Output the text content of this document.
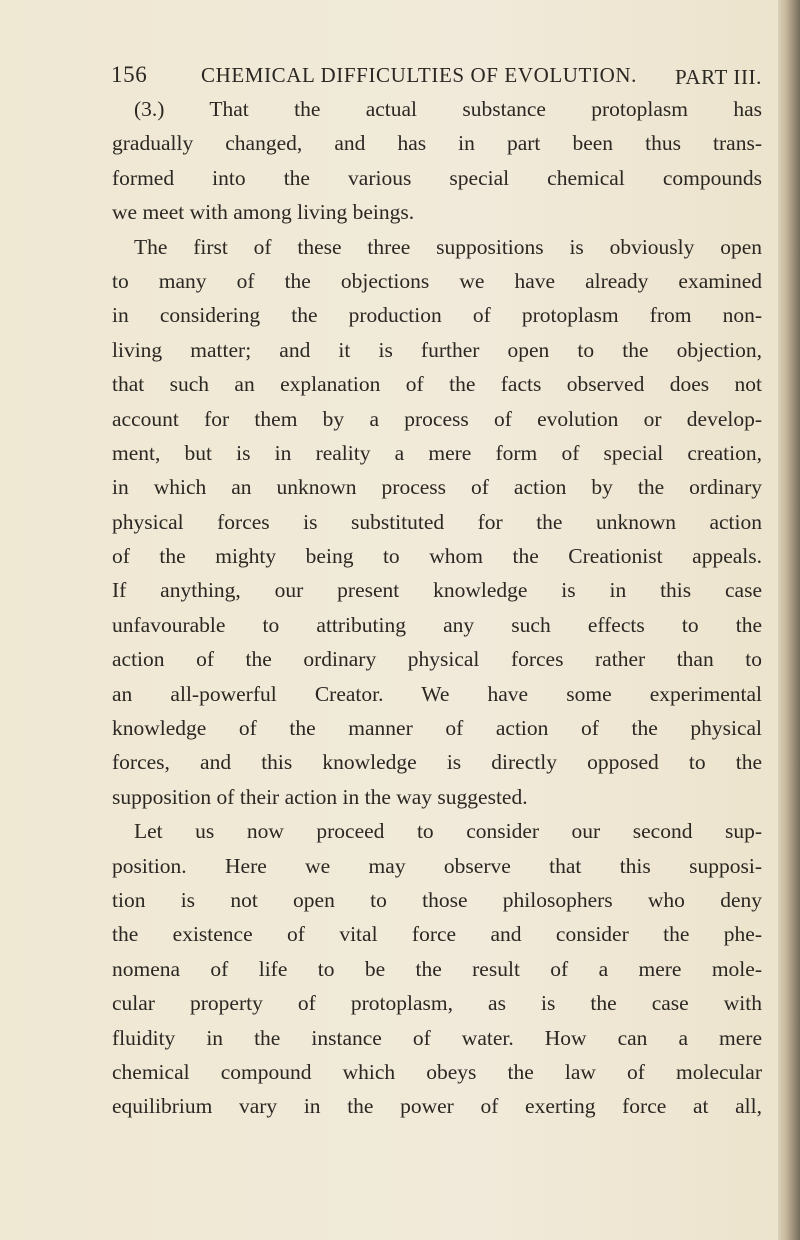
156	CHEMICAL DIFFICULTIES OF EVOLUTION. PART III.

(3.) That the actual substance protoplasm has
gradually changed, and has in part been thus trans-
formed into the various special chemical compounds
we meet with among living beings.

The first of these three suppositions is obviously open
to many of the objections we have already examined
in considering the production of protoplasm from non-
living matter; and it is further open to the objection,
that such an explanation of the facts observed does not
account for them by a process of evolution or develop-
ment, but is in reality a mere form of special creation,
in which an unknown process of action by the ordinary
physical forces is substituted for the unknown action
of the mighty being to whom the Creationist appeals.
If anything, our present knowledge is in this case
unfavourable to attributing any such effects to the
action of the ordinary physical forces rather than to
an all-powerful Creator. We have some experimental
knowledge of the manner of action of the physical
forces, and this knowledge is directly opposed to the
supposition of their action in the way suggested.

Let us now proceed to consider our second sup-
position. Here we may observe that this supposi-
tion is not open to those philosophers who deny
the existence of vital force and consider the phe-
nomena of life to be the result of a mere mole-
cular property of protoplasm, as is the case with
fluidity in the instance of water. How can a mere
chemical compound which obeys the law of molecular
equilibrium vary in the power of exerting force at all,
